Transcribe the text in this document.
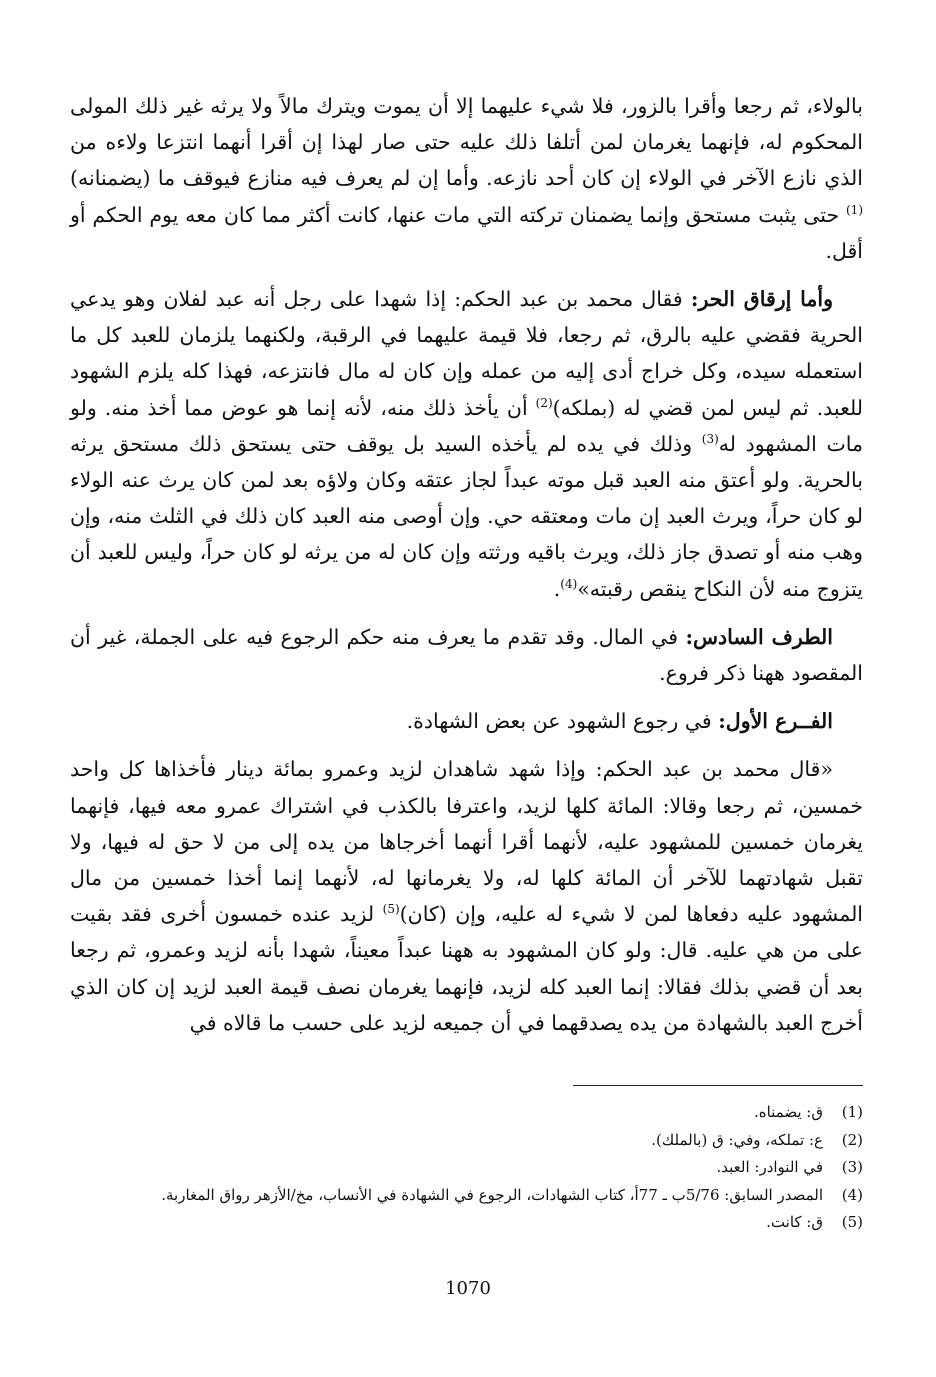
بالولاء، ثم رجعا وأقرا بالزور، فلا شيء عليهما إلا أن يموت ويترك مالاً ولا يرثه غير ذلك المولى المحكوم له، فإنهما يغرمان لمن أتلفا ذلك عليه حتى صار لهذا إن أقرا أنهما انتزعا ولاءه من الذي نازع الآخر في الولاء إن كان أحد نازعه. وأما إن لم يعرف فيه منازع فيوقف ما (يضمنانه)$^{(1)}$ حتى يثبت مستحق وإنما يضمنان تركته التي مات عنها، كانت أكثر مما كان معه يوم الحكم أو أقل.

وأما إرقاق الحر: فقال محمد بن عبد الحكم: إذا شهدا على رجل أنه عبد لفلان وهو يدعي الحرية فقضي عليه بالرق، ثم رجعا، فلا قيمة عليهما في الرقبة، ولكنهما يلزمان للعبد كل ما استعمله سيده، وكل خراج أدى إليه من عمله وإن كان له مال فانتزعه، فهذا كله يلزم الشهود للعبد. ثم ليس لمن قضي له (بملكه)$^{(2)}$ أن يأخذ ذلك منه، لأنه إنما هو عوض مما أخذ منه. ولو مات المشهود له$^{(3)}$ وذلك في يده لم يأخذه السيد بل يوقف حتى يستحق ذلك مستحق يرثه بالحرية. ولو أعتق منه العبد قبل موته عبداً لجاز عتقه وكان ولاؤه بعد لمن كان يرث عنه الولاء لو كان حراً، ويرث العبد إن مات ومعتقه حي. وإن أوصى منه العبد كان ذلك في الثلث منه، وإن وهب منه أو تصدق جاز ذلك، ويرث باقيه ورثته وإن كان له من يرثه لو كان حراً، وليس للعبد أن يتزوج منه لأن النكاح ينقص رقبته»$^{(4)}$.

الطرف السادس: في المال. وقد تقدم ما يعرف منه حكم الرجوع فيه على الجملة، غير أن المقصود ههنا ذكر فروع.

الفــرع الأول: في رجوع الشهود عن بعض الشهادة.

«قال محمد بن عبد الحكم: وإذا شهد شاهدان لزيد وعمرو بمائة دينار فأخذاها كل واحد خمسين، ثم رجعا وقالا: المائة كلها لزيد، واعترفا بالكذب في اشتراك عمرو معه فيها، فإنهما يغرمان خمسين للمشهود عليه، لأنهما أقرا أنهما أخرجاها من يده إلى من لا حق له فيها، ولا تقبل شهادتهما للآخر أن المائة كلها له، ولا يغرمانها له، لأنهما إنما أخذا خمسين من مال المشهود عليه دفعاها لمن لا شيء له عليه، وإن (كان)$^{(5)}$ لزيد عنده خمسون أخرى فقد بقيت على من هي عليه. قال: ولو كان المشهود به ههنا عبداً معيناً، شهدا بأنه لزيد وعمرو، ثم رجعا بعد أن قضي بذلك فقالا: إنما العبد كله لزيد، فإنهما يغرمان نصف قيمة العبد لزيد إن كان الذي أخرج العبد بالشهادة من يده يصدقهما في أن جميعه لزيد على حسب ما قالاه في

(1)ق: يضمناه.
(2)ع: تملكه، وفي: ق (بالملك).
(3)في النوادر: العبد.
(4)المصدر السابق: 5/76ب ـ 77أ، كتاب الشهادات، الرجوع في الشهادة في الأنساب، مخ/الأزهر رواق المغاربة.
(5)ق: كانت.
1070
